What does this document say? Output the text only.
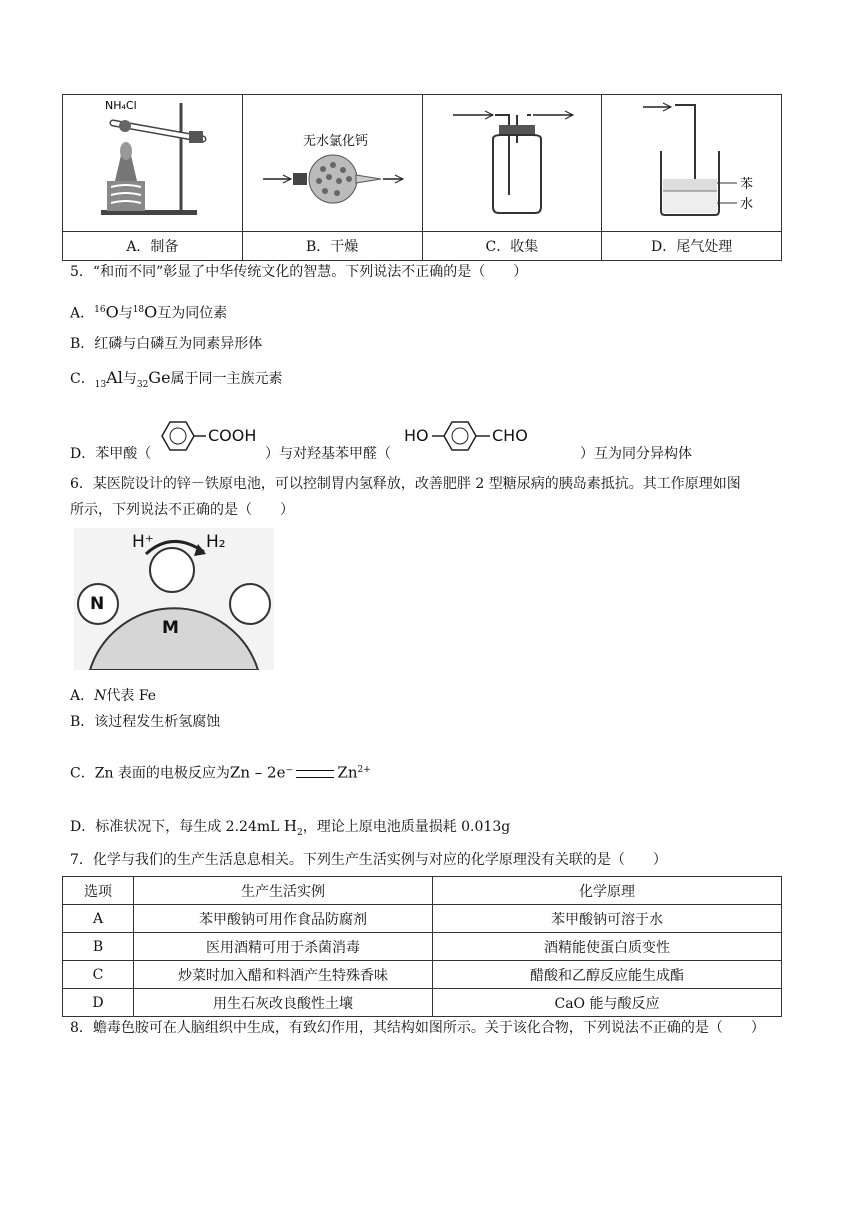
NH₄Cl	无水氯化钙		苯
水

A．制备	B．干燥	C．收集	D．尾气处理
5．“和而不同”彰显了中华传统文化的智慧。下列说法不正确的是（　　）
A．$^{16}$O与$^{18}$O互为同位素
B．红磷与白磷互为同素异形体
C．$_{13}$Al与$_{32}$Ge属于同一主族元素
D．苯甲酸（
COOH
）与对羟基苯甲醛（
HO	CHO
）互为同分异构体
6．某医院设计的锌－铁原电池，可以控制胃内氢释放，改善肥胖 2 型糖尿病的胰岛素抵抗。其工作原理如图
所示，下列说法不正确的是（　　）
H⁺	H₂
N
M
A．N代表 Fe
B．该过程发生析氢腐蚀
C．Zn 表面的电极反应为Zn – 2e⁻	$Zn^{2+}$
D．标准状况下，每生成 2.24mL $H_2$，理论上原电池质量损耗 0.013g
7．化学与我们的生产生活息息相关。下列生产生活实例与对应的化学原理没有关联的是（　　）
选项	生产生活实例	化学原理
A	苯甲酸钠可用作食品防腐剂	苯甲酸钠可溶于水
B	医用酒精可用于杀菌消毒	酒精能使蛋白质变性
C	炒菜时加入醋和料酒产生特殊香味	醋酸和乙醇反应能生成酯
D	用生石灰改良酸性土壤	CaO 能与酸反应
8．蟾毒色胺可在人脑组织中生成，有致幻作用，其结构如图所示。关于该化合物，下列说法不正确的是（　　）
